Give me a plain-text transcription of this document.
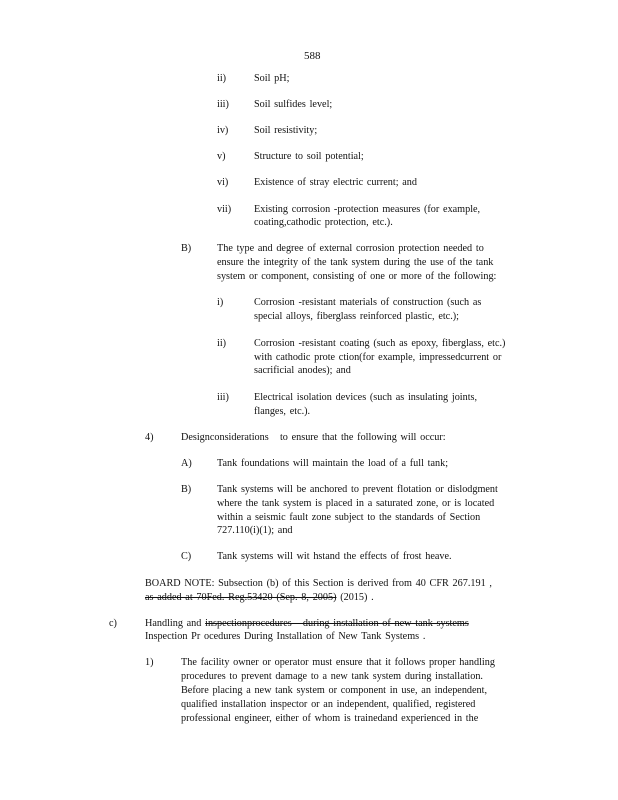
588
ii)	Soil pH;
iii) Soil sulfides level;
iv)	Soil resistivity;
v)	Structure to soil potential;
vi)	Existence of stray electric current; and
vii) Existing corrosion -protection measures (for example,
coating,cathodic protection, etc.).
B)	The type and degree of external corrosion protection needed to
ensure the integrity of the tank system during the use of the tank
system or component, consisting of one or more of the following:
i)	Corrosion -resistant materials of construction (such as
special alloys, fiberglass reinforced plastic, etc.);
ii)	Corrosion -resistant coating (such as epoxy, fiberglass, etc.)
with cathodic prote ction(for example, impressedcurrent or
sacrificial anodes); and
iii) Electrical isolation devices (such as insulating joints,
flanges, etc.).
4)	Designconsiderations   to ensure that the following will occur:
A) Tank foundations will maintain the load of a full tank;
B)	Tank systems will be anchored to prevent flotation or dislodgment
where the tank system is placed in a saturated zone, or is located
within a seismic fault zone subject to the standards of Section
727.110(i)(1); and
C)	Tank systems will wit hstand the effects of frost heave.
BOARD NOTE: Subsection (b) of this Section is derived from 40 CFR 267.191 ,
as added at 70Fed. Reg.53420 (Sep. 8, 2005) (2015) .
c)	Handling and inspectionprocedures   during installation of new tank systems
Inspection Pr ocedures During Installation of New Tank Systems .
1)	The facility owner or operator must ensure that it follows proper handling
procedures to prevent damage to a new tank system during installation.
Before placing a new tank system or component in use, an independent,
qualified installation inspector or an independent, qualified, registered
professional engineer, either of whom is trainedand experienced in the
